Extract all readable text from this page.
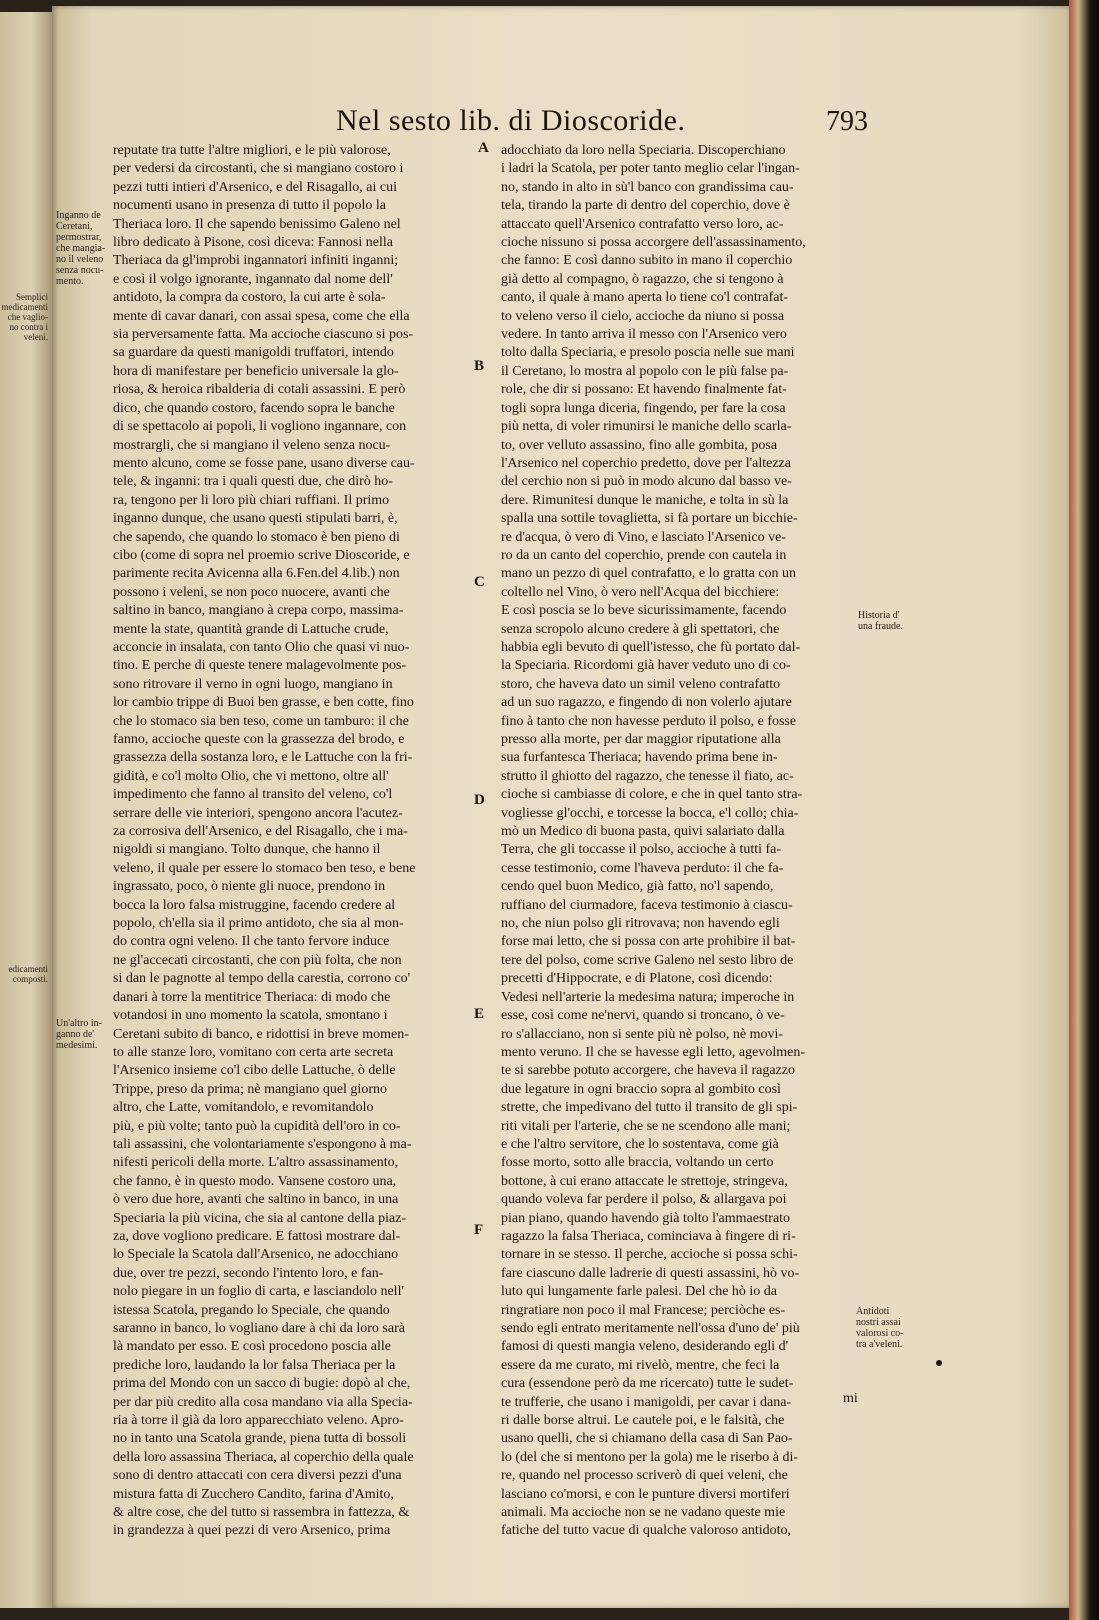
Semplici
medicamenti
che vaglio-
no contra i
veleni.
edicamenti
composti.
Nel sesto lib. di Dioscoride.	793
reputate tra tutte l'altre migliori, e le più valorose,
per vedersi da circostanti, che si mangiano costoro i
pezzi tutti intieri d'Arsenico, e del Risagallo, ai cui
nocumenti usano in presenza di tutto il popolo la
Theriaca loro. Il che sapendo benissimo Galeno nel
libro dedicato à Pisone, così diceva: Fannosi nella
Theriaca da gl'improbi ingannatori infiniti inganni;
e così il volgo ignorante, ingannato dal nome dell'
antidoto, la compra da costoro, la cui arte è sola-
mente di cavar danari, con assai spesa, come che ella
sia perversamente fatta. Ma accioche ciascuno si pos-
sa guardare da questi manigoldi truffatori, intendo
hora di manifestare per beneficio universale la glo-
riosa, & heroica ribalderia di cotali assassini. E però
dico, che quando costoro, facendo sopra le banche
di se spettacolo ai popoli, li vogliono ingannare, con
mostrargli, che si mangiano il veleno senza nocu-
mento alcuno, come se fosse pane, usano diverse cau-
tele, & inganni: tra i quali questi due, che dirò ho-
ra, tengono per li loro più chiari ruffiani. Il primo
inganno dunque, che usano questi stipulati barri, è,
che sapendo, che quando lo stomaco è ben pieno di
cibo (come di sopra nel proemio scrive Dioscoride, e
parimente recita Avicenna alla 6.Fen.del 4.lib.) non
possono i veleni, se non poco nuocere, avanti che
saltino in banco, mangiano à crepa corpo, massima-
mente la state, quantità grande di Lattuche crude,
acconcie in insalata, con tanto Olio che quasi vi nuo-
tino. E perche di queste tenere malagevolmente pos-
sono ritrovare il verno in ogni luogo, mangiano in
lor cambio trippe di Buoi ben grasse, e ben cotte, fino
che lo stomaco sia ben teso, come un tamburo: il che
fanno, accioche queste con la grassezza del brodo, e
grassezza della sostanza loro, e le Lattuche con la fri-
gidità, e co'l molto Olio, che vi mettono, oltre all'
impedimento che fanno al transito del veleno, co'l
serrare delle vie interiori, spengono ancora l'acutez-
za corrosiva dell'Arsenico, e del Risagallo, che i ma-
nigoldi si mangiano. Tolto dunque, che hanno il
veleno, il quale per essere lo stomaco ben teso, e bene
ingrassato, poco, ò niente gli nuoce, prendono in
bocca la loro falsa mistruggine, facendo credere al
popolo, ch'ella sia il primo antidoto, che sia al mon-
do contra ogni veleno. Il che tanto fervore induce
ne gl'accecati circostanti, che con più folta, che non
si dan le pagnotte al tempo della carestia, corrono co'
danari à torre la mentitrice Theriaca: di modo che
votandosi in uno momento la scatola, smontano i
Ceretani subito di banco, e ridottisi in breve momen-
to alle stanze loro, vomitano con certa arte secreta
l'Arsenico insieme co'l cibo delle Lattuche, ò delle
Trippe, preso da prima; nè mangiano quel giorno
altro, che Latte, vomitandolo, e revomitandolo
più, e più volte; tanto può la cupidità dell'oro in co-
tali assassini, che volontariamente s'espongono à ma-
nifesti pericoli della morte. L'altro assassinamento,
che fanno, è in questo modo. Vansene costoro una,
ò vero due hore, avanti che saltino in banco, in una
Speciaria la più vicina, che sia al cantone della piaz-
za, dove vogliono predicare. E fattosi mostrare dal-
lo Speciale la Scatola dall'Arsenico, ne adocchiano
due, over tre pezzi, secondo l'intento loro, e fan-
nolo piegare in un foglio di carta, e lasciandolo nell'
istessa Scatola, pregando lo Speciale, che quando
saranno in banco, lo vogliano dare à chi da loro sarà
là mandato per esso. E così procedono poscia alle
prediche loro, laudando la lor falsa Theriaca per la
prima del Mondo con un sacco di bugie: dopò al che,
per dar più credito alla cosa mandano via alla Specia-
ria à torre il già da loro apparecchiato veleno. Apro-
no in tanto una Scatola grande, piena tutta di bossoli
della loro assassina Theriaca, al coperchio della quale
sono di dentro attaccati con cera diversi pezzi d'una
mistura fatta di Zucchero Candito, farina d'Amito,
& altre cose, che del tutto si rassembra in fattezza, &
in grandezza à quei pezzi di vero Arsenico, prima
adocchiato da loro nella Speciaria. Discoperchiano
i ladri la Scatola, per poter tanto meglio celar l'ingan-
no, stando in alto in sù'l banco con grandissima cau-
tela, tirando la parte di dentro del coperchio, dove è
attaccato quell'Arsenico contrafatto verso loro, ac-
cioche nissuno si possa accorgere dell'assassinamento,
che fanno: E così danno subito in mano il coperchio
già detto al compagno, ò ragazzo, che si tengono à
canto, il quale à mano aperta lo tiene co'l contrafat-
to veleno verso il cielo, accioche da niuno si possa
vedere. In tanto arriva il messo con l'Arsenico vero
tolto dalla Speciaria, e presolo poscia nelle sue mani
il Ceretano, lo mostra al popolo con le più false pa-
role, che dir si possano: Et havendo finalmente fat-
togli sopra lunga diceria, fingendo, per fare la cosa
più netta, di voler rimunirsi le maniche dello scarla-
to, over velluto assassino, fino alle gombita, posa
l'Arsenico nel coperchio predetto, dove per l'altezza
del cerchio non si può in modo alcuno dal basso ve-
dere. Rimunitesi dunque le maniche, e tolta in sù la
spalla una sottile tovaglietta, si fà portare un bicchie-
re d'acqua, ò vero di Vino, e lasciato l'Arsenico ve-
ro da un canto del coperchio, prende con cautela in
mano un pezzo di quel contrafatto, e lo gratta con un
coltello nel Vino, ò vero nell'Acqua del bicchiere:
E così poscia se lo beve sicurissimamente, facendo
senza scropolo alcuno credere à gli spettatori, che
habbia egli bevuto di quell'istesso, che fù portato dal-
la Speciaria. Ricordomi già haver veduto uno di co-
storo, che haveva dato un simil veleno contrafatto
ad un suo ragazzo, e fingendo di non volerlo ajutare
fino à tanto che non havesse perduto il polso, e fosse
presso alla morte, per dar maggior riputatione alla
sua furfantesca Theriaca; havendo prima bene in-
strutto il ghiotto del ragazzo, che tenesse il fiato, ac-
cioche si cambiasse di colore, e che in quel tanto stra-
vogliesse gl'occhi, e torcesse la bocca, e'l collo; chia-
mò un Medico di buona pasta, quivi salariato dalla
Terra, che gli toccasse il polso, accioche à tutti fa-
cesse testimonio, come l'haveva perduto: il che fa-
cendo quel buon Medico, già fatto, no'l sapendo,
ruffiano del ciurmadore, faceva testimonio à ciascu-
no, che niun polso gli ritrovava; non havendo egli
forse mai letto, che si possa con arte prohibire il bat-
tere del polso, come scrive Galeno nel sesto libro de
precetti d'Hippocrate, e di Platone, così dicendo:
Vedesi nell'arterie la medesima natura; imperoche in
esse, così come ne'nervi, quando si troncano, ò ve-
ro s'allacciano, non si sente più nè polso, nè movi-
mento veruno. Il che se havesse egli letto, agevolmen-
te si sarebbe potuto accorgere, che haveva il ragazzo
due legature in ogni braccio sopra al gombito così
strette, che impedivano del tutto il transito de gli spi-
riti vitali per l'arterie, che se ne scendono alle mani;
e che l'altro servitore, che lo sostentava, come già
fosse morto, sotto alle braccia, voltando un certo
bottone, à cui erano attaccate le strettoje, stringeva,
quando voleva far perdere il polso, & allargava poi
pian piano, quando havendo già tolto l'ammaestrato
ragazzo la falsa Theriaca, cominciava à fingere di ri-
tornare in se stesso. Il perche, accioche si possa schi-
fare ciascuno dalle ladrerie di questi assassini, hò vo-
luto qui lungamente farle palesi. Del che hò io da
ringratiare non poco il mal Francese; perciòche es-
sendo egli entrato meritamente nell'ossa d'uno de' più
famosi di questi mangia veleno, desiderando egli d'
essere da me curato, mi rivelò, mentre, che feci la
cura (essendone però da me ricercato) tutte le sudet-
te trufferie, che usano i manigoldi, per cavar i dana-
ri dalle borse altrui. Le cautele poi, e le falsità, che
usano quelli, che si chiamano della casa di San Pao-
lo (del che si mentono per la gola) me le riserbo à di-
re, quando nel processo scriverò di quei veleni, che
lasciano co'morsi, e con le punture diversi mortiferi
animali. Ma accioche non se ne vadano queste mie
fatiche del tutto vacue di qualche valoroso antidoto,
A
B
C
D
E
F
Inganno de
Ceretani,
permostrar,
che mangia-
no il veleno
senza nocu-
mento.
Un'altro in-
ganno de'
medesimi.
Historia d'
una fraude.
Antidoti
nostri assai
valorosi co-
tra a'veleni.
mi
